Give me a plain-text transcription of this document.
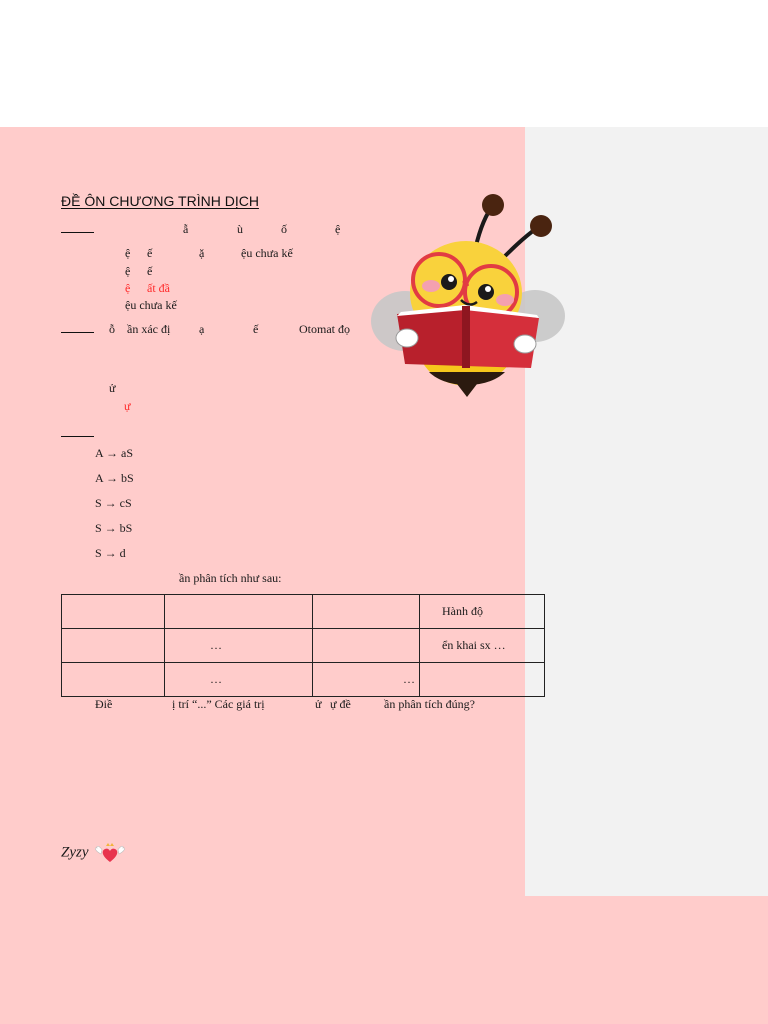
ĐỀ ÔN CHƯƠNG TRÌNH DỊCH
ẫ	ù	ố	ệ
ệ ế	ặ	ệu chưa kế
ệ ế
ệ ất đầ
ệu chưa kế
ỗ ần xác đị ạ	ế	Otomat đọ
ử
ự
A → aS
A → bS
S → cS
S → bS
S → d
ần phân tích như sau:
			Hành độ
	…		ển khai sx …
	…	…	
Điề	ị trí “...” Các giá trị	ử ự đề	ần phân tích đúng?
Zyzy
